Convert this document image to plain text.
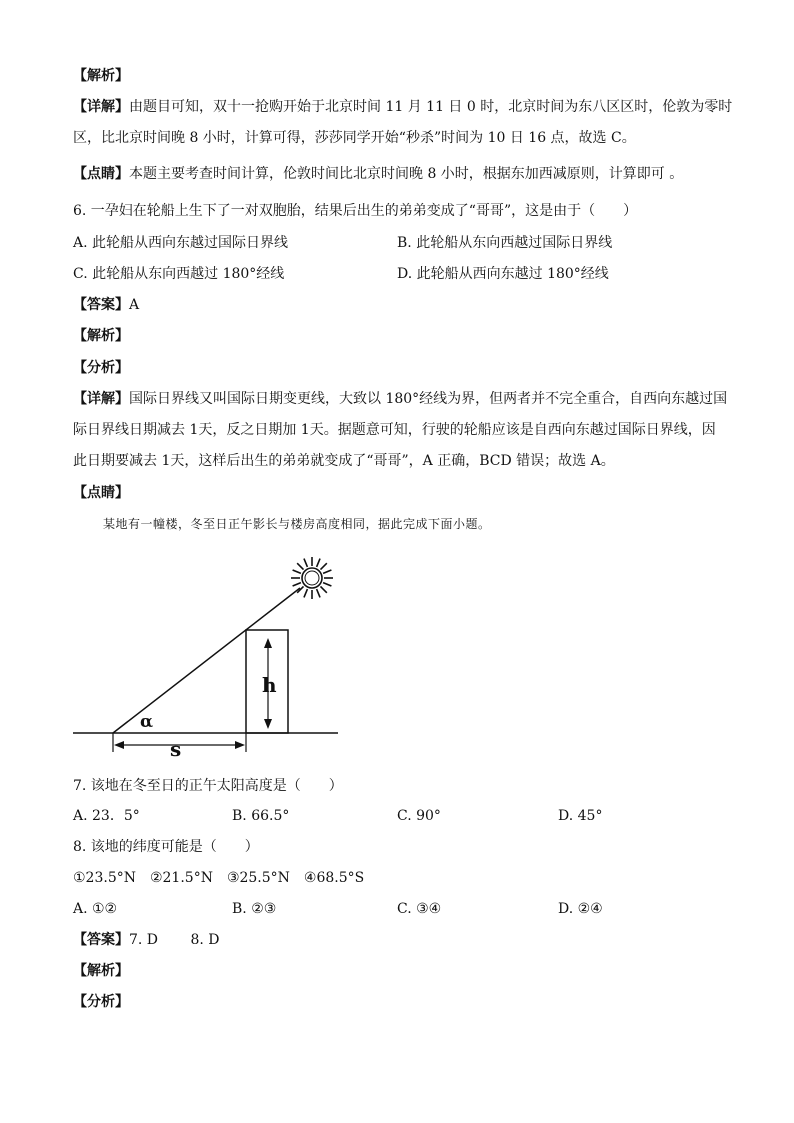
【解析】
【详解】由题目可知，双十一抢购开始于北京时间 11 月 11 日 0 时，北京时间为东八区区时，伦敦为零时
区，比北京时间晚 8 小时，计算可得，莎莎同学开始“秒杀”时间为 10 日 16 点，故选 C。
【点睛】本题主要考查时间计算，伦敦时间比北京时间晚 8 小时，根据东加西减原则，计算即可 。
6. 一孕妇在轮船上生下了一对双胞胎，结果后出生的弟弟变成了“哥哥”，这是由于（　　）
A. 此轮船从西向东越过国际日界线	B. 此轮船从东向西越过国际日界线
C. 此轮船从东向西越过 180°经线	D. 此轮船从西向东越过 180°经线
【答案】A
【解析】
【分析】
【详解】国际日界线又叫国际日期变更线，大致以 180°经线为界，但两者并不完全重合，自西向东越过国
际日界线日期减去 1天，反之日期加 1天。据题意可知，行驶的轮船应该是自西向东越过国际日界线，因
此日期要减去 1天，这样后出生的弟弟就变成了“哥哥”，A 正确，BCD 错误；故选 A。
【点睛】
某地有一幢楼，冬至日正午影长与楼房高度相同，据此完成下面小题。
h
α
s
7. 该地在冬至日的正午太阳高度是（　　）
A. 23．5°	B. 66.5°	C. 90°	D. 45°
8. 该地的纬度可能是（　　）
①23.5°N　②21.5°N　③25.5°N　④68.5°S
A. ①②	B. ②③	C. ③④	D. ②④
【答案】7. D　　 8. D
【解析】
【分析】
